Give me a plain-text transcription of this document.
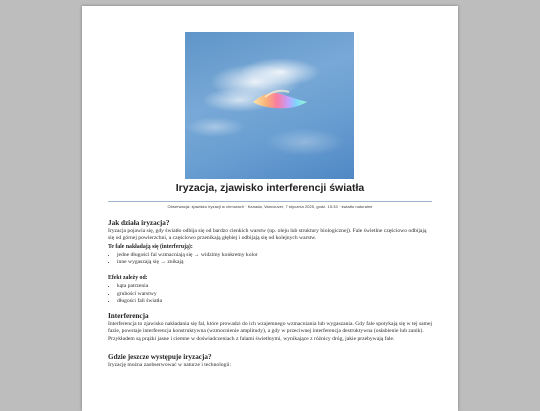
Iryzacja, zjawisko interferencji światła
Obserwacja: zjawisko iryzacji w chmurach · Kanada, Vancouver, 7 stycznia 2025, godz. 15:33 · światło naturalne
Jak działa iryzacja?

Iryzacja pojawia się, gdy światło odbija się od bardzo cienkich warstw (np. oleju lub struktury biologicznej). Fale świetlne częściowo odbijają się od górnej powierzchni, a częściowo przenikają głębiej i odbijają się od kolejnych warstw.

Te fale nakładają się (interferują):
• jedne długości fal wzmacniają się → widzimy konkretny kolor
• inne wygaszają się → znikają
Efekt zależy od:
• kąta patrzenia
• grubości warstwy
• długości fali światła
Interferencja

Interferencja to zjawisko nakładania się fal, które prowadzi do ich wzajemnego wzmacniania lub wygaszania. Gdy fale spotykają się w tej samej fazie, powstaje interferencja konstruktywna (wzmocnienie amplitudy), a gdy w przeciwnej interferencja destruktywna (osłabienie lub zanik). Przykładem są prążki jasne i ciemne w doświadczeniach z falami świetlnymi, wynikające z różnicy dróg, jakie przebywają fale.

Gdzie jeszcze występuje iryzacja?

Iryzację można zaobserwować w naturze i technologii:
